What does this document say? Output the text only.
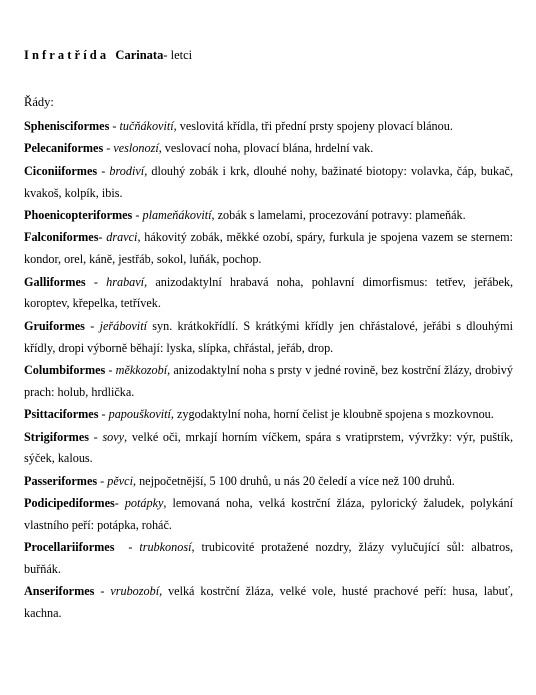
Infratřída Carinata- letci
Řády:

Sphenisciformes - tučňákovití, veslovitá křídla, tři přední prsty spojeny plovací blánou.

Pelecaniformes - veslonozí, veslovací noha, plovací blána, hrdelní vak.

Ciconiiformes - brodiví, dlouhý zobák i krk, dlouhé nohy, bažinaté biotopy: volavka, čáp, bukač, kvakoš, kolpík, ibis.

Phoenicopteriformes - plameňákovití, zobák s lamelami, procezování potravy: plameňák.

Falconiformes- dravci, hákovitý zobák, měkké ozobí, spáry, furkula je spojena vazem se sternem: kondor, orel, káně, jestřáb, sokol, luňák, pochop.

Galliformes - hrabaví, anizodaktylní hrabavá noha, pohlavní dimorfismus: tetřev, jeřábek, koroptev, křepelka, tetřívek.

Gruiformes - jeřábovití syn. krátkokřídlí. S krátkými křídly jen chřástalové, jeřábi s dlouhými křídly, dropi výborně běhají: lyska, slípka, chřástal, jeřáb, drop.

Columbiformes - měkkozobí, anizodaktylní noha s prsty v jedné rovině, bez kostrční žlázy, drobivý prach: holub, hrdlička.

Psittaciformes - papouškovití, zygodaktylní noha, horní čelist je kloubně spojena s mozkovnou.

Strigiformes - sovy, velké oči, mrkají horním víčkem, spára s vratiprstem, vývržky: výr, puštík, sýček, kalous.

Passeriformes - pěvci, nejpočetnější, 5 100 druhů, u nás 20 čeledí a více než 100 druhů.

Podicipediformes- potápky, lemovaná noha, velká kostrční žláza, pylorický žaludek, polykání vlastního peří: potápka, roháč.

Procellariiformes  - trubkonosí, trubicovité protažené nozdry, žlázy vylučující sůl: albatros, buřňák.

Anseriformes - vrubozobí, velká kostrční žláza, velké vole, husté prachové peří: husa, labuť, kachna.
